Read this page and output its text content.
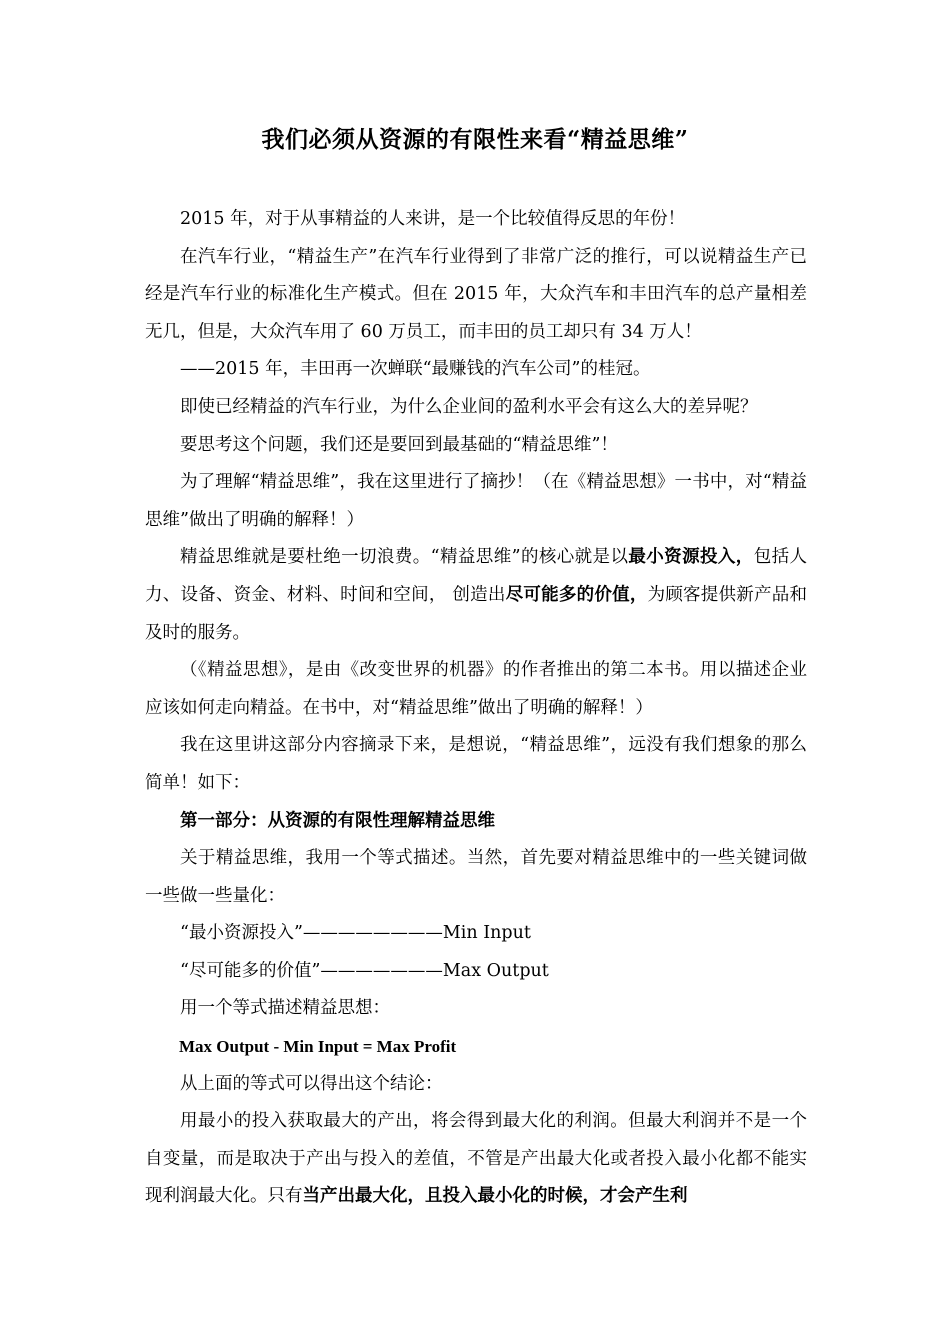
我们必须从资源的有限性来看“精益思维”

2015 年，对于从事精益的人来讲，是一个比较值得反思的年份！

在汽车行业，“精益生产”在汽车行业得到了非常广泛的推行，可以说精益生产已经是汽车行业的标准化生产模式。但在 2015 年，大众汽车和丰田汽车的总产量相差无几，但是，大众汽车用了 60 万员工，而丰田的员工却只有 34 万人！

——2015 年，丰田再一次蝉联“最赚钱的汽车公司”的桂冠。

即使已经精益的汽车行业，为什么企业间的盈利水平会有这么大的差异呢？

要思考这个问题，我们还是要回到最基础的“精益思维”！

为了理解“精益思维”，我在这里进行了摘抄！（在《精益思想》一书中，对“精益思维”做出了明确的解释！）

精益思维就是要杜绝一切浪费。“精益思维”的核心就是以最小资源投入，包括人力、设备、资金、材料、时间和空间， 创造出尽可能多的价值，为顾客提供新产品和及时的服务。

（《精益思想》，是由《改变世界的机器》的作者推出的第二本书。用以描述企业应该如何走向精益。在书中，对“精益思维”做出了明确的解释！）

我在这里讲这部分内容摘录下来，是想说，“精益思维”，远没有我们想象的那么简单！如下：

第一部分：从资源的有限性理解精益思维

关于精益思维，我用一个等式描述。当然，首先要对精益思维中的一些关键词做一些做一些量化：

“最小资源投入”————————Min Input

“尽可能多的价值”———————Max Output

用一个等式描述精益思想：

Max Output - Min Input = Max Profit

从上面的等式可以得出这个结论：

用最小的投入获取最大的产出，将会得到最大化的利润。但最大利润并不是一个自变量，而是取决于产出与投入的差值，不管是产出最大化或者投入最小化都不能实现利润最大化。只有当产出最大化，且投入最小化的时候，才会产生利
